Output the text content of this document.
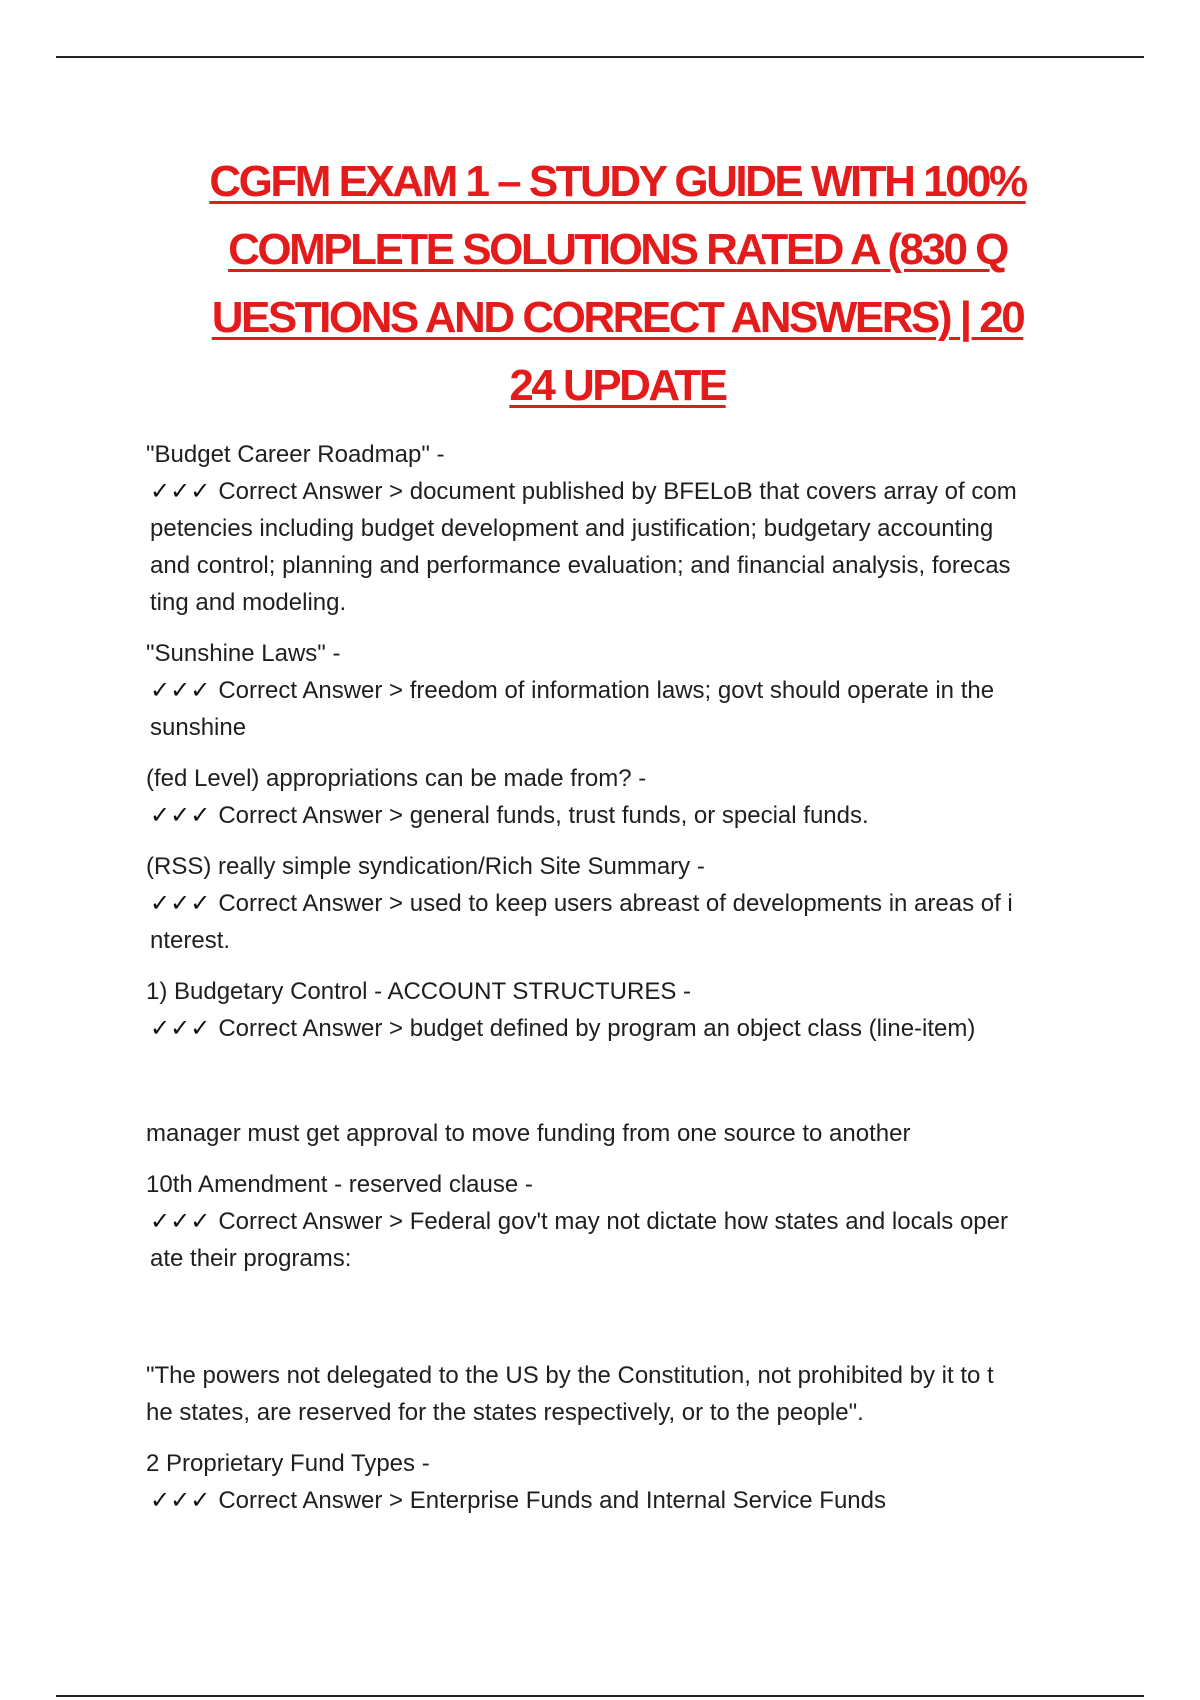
CGFM EXAM 1 – STUDY GUIDE WITH 100%
COMPLETE SOLUTIONS RATED A (830 Q
UESTIONS AND CORRECT ANSWERS) | 20
24 UPDATE
"Budget Career Roadmap" -
✓✓✓ Correct Answer > document published by BFELoB that covers array of com
petencies including budget development and justification; budgetary accounting
and control; planning and performance evaluation; and financial analysis, forecas
ting and modeling.
"Sunshine Laws" -
✓✓✓ Correct Answer > freedom of information laws; govt should operate in the
sunshine
(fed Level) appropriations can be made from? -
✓✓✓ Correct Answer > general funds, trust funds, or special funds.
(RSS) really simple syndication/Rich Site Summary -
✓✓✓ Correct Answer > used to keep users abreast of developments in areas of i
nterest.
1) Budgetary Control - ACCOUNT STRUCTURES -
✓✓✓ Correct Answer > budget defined by program an object class (line-item)
manager must get approval to move funding from one source to another
10th Amendment - reserved clause -
✓✓✓ Correct Answer > Federal gov't may not dictate how states and locals oper
ate their programs:
"The powers not delegated to the US by the Constitution, not prohibited by it to t
he states, are reserved for the states respectively, or to the people".
2 Proprietary Fund Types -
✓✓✓ Correct Answer > Enterprise Funds and Internal Service Funds
